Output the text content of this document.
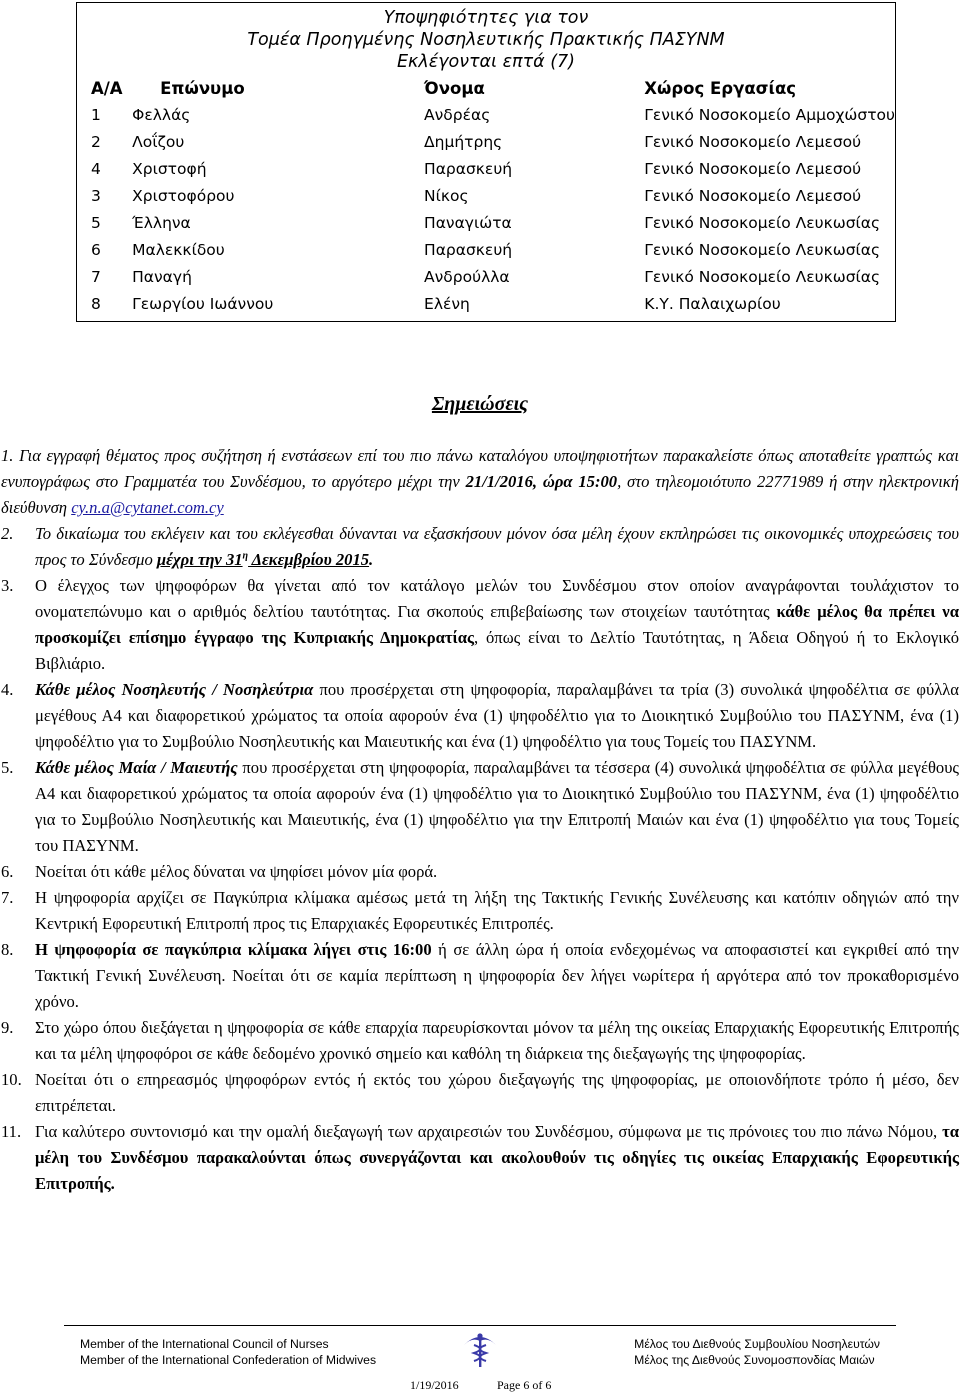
Υποψηφιότητες για τον
Τομέα Προηγμένης Νοσηλευτικής Πρακτικής ΠΑΣΥΝΜ
Εκλέγονται επτά (7)
Α/Α	Επώνυμο	Όνομα	Χώρος Εργασίας
1	Φελλάς	Ανδρέας	Γενικό Νοσοκομείο Αμμοχώστου
2	Λοΐζου	Δημήτρης	Γενικό Νοσοκομείο Λεμεσού
4	Χριστοφή	Παρασκευή	Γενικό Νοσοκομείο Λεμεσού
3	Χριστοφόρου	Νίκος	Γενικό Νοσοκομείο Λεμεσού
5	Έλληνα	Παναγιώτα	Γενικό Νοσοκομείο Λευκωσίας
6	Μαλεκκίδου	Παρασκευή	Γενικό Νοσοκομείο Λευκωσίας
7	Παναγή	Ανδρούλλα	Γενικό Νοσοκομείο Λευκωσίας
8	Γεωργίου Ιωάννου	Ελένη	Κ.Υ. Παλαιχωρίου
Σημειώσεις
1. Για εγγραφή θέματος προς συζήτηση ή ενστάσεων επί του πιο πάνω καταλόγου υποψηφιοτήτων παρακαλείστε όπως αποταθείτε γραπτώς και ενυπογράφως στο Γραμματέα του Συνδέσμου, το αργότερο μέχρι την 21/1/2016, ώρα 15:00, στο τηλεομοιότυπο 22771989 ή στην ηλεκτρονική διεύθυνση cy.n.a@cytanet.com.cy
2. Το δικαίωμα του εκλέγειν και του εκλέγεσθαι δύνανται να εξασκήσουν μόνον όσα μέλη έχουν εκπληρώσει τις οικονομικές υποχρεώσεις του προς το Σύνδεσμο μέχρι την $31^\eta$ Δεκεμβρίου 2015.
3. Ο έλεγχος των ψηφοφόρων θα γίνεται από τον κατάλογο μελών του Συνδέσμου στον οποίον αναγράφονται τουλάχιστον το ονοματεπώνυμο και ο αριθμός δελτίου ταυτότητας. Για σκοπούς επιβεβαίωσης των στοιχείων ταυτότητας κάθε μέλος θα πρέπει να προσκομίζει επίσημο έγγραφο της Κυπριακής Δημοκρατίας, όπως είναι το Δελτίο Ταυτότητας, η Άδεια Οδηγού ή το Εκλογικό Βιβλιάριο.
4. Κάθε μέλος Νοσηλευτής / Νοσηλεύτρια που προσέρχεται στη ψηφοφορία, παραλαμβάνει τα τρία (3) συνολικά ψηφοδέλτια σε φύλλα μεγέθους Α4 και διαφορετικού χρώματος τα οποία αφορούν ένα (1) ψηφοδέλτιο για το Διοικητικό Συμβούλιο του ΠΑΣΥΝΜ, ένα (1) ψηφοδέλτιο για το Συμβούλιο Νοσηλευτικής και Μαιευτικής και ένα (1) ψηφοδέλτιο για τους Τομείς του ΠΑΣΥΝΜ.
5. Κάθε μέλος Μαία / Μαιευτής που προσέρχεται στη ψηφοφορία, παραλαμβάνει τα τέσσερα (4) συνολικά ψηφοδέλτια σε φύλλα μεγέθους Α4 και διαφορετικού χρώματος τα οποία αφορούν ένα (1) ψηφοδέλτιο για το Διοικητικό Συμβούλιο του ΠΑΣΥΝΜ, ένα (1) ψηφοδέλτιο για το Συμβούλιο Νοσηλευτικής και Μαιευτικής, ένα (1) ψηφοδέλτιο για την Επιτροπή Μαιών και ένα (1) ψηφοδέλτιο για τους Τομείς του ΠΑΣΥΝΜ.
6. Νοείται ότι κάθε μέλος δύναται να ψηφίσει μόνον μία φορά.
7. Η ψηφοφορία αρχίζει σε Παγκύπρια κλίμακα αμέσως μετά τη λήξη της Τακτικής Γενικής Συνέλευσης και κατόπιν οδηγιών από την Κεντρική Εφορευτική Επιτροπή προς τις Επαρχιακές Εφορευτικές Επιτροπές.
8. Η ψηφοφορία σε παγκύπρια κλίμακα λήγει στις 16:00 ή σε άλλη ώρα ή οποία ενδεχομένως να αποφασιστεί και εγκριθεί από την Τακτική Γενική Συνέλευση. Νοείται ότι σε καμία περίπτωση η ψηφοφορία δεν λήγει νωρίτερα ή αργότερα από τον προκαθορισμένο χρόνο.
9. Στο χώρο όπου διεξάγεται η ψηφοφορία σε κάθε επαρχία παρευρίσκονται μόνον τα μέλη της οικείας Επαρχιακής Εφορευτικής Επιτροπής και τα μέλη ψηφοφόροι σε κάθε δεδομένο χρονικό σημείο και καθόλη τη διάρκεια της διεξαγωγής της ψηφοφορίας.
10. Νοείται ότι ο επηρεασμός ψηφοφόρων εντός ή εκτός του χώρου διεξαγωγής της ψηφοφορίας, με οποιονδήποτε τρόπο ή μέσο, δεν επιτρέπεται.
11. Για καλύτερο συντονισμό και την ομαλή διεξαγωγή των αρχαιρεσιών του Συνδέσμου, σύμφωνα με τις πρόνοιες του πιο πάνω Νόμου, τα μέλη του Συνδέσμου παρακαλούνται όπως συνεργάζονται και ακολουθούν τις οδηγίες τις οικείας Επαρχιακής Εφορευτικής Επιτροπής.
Member of the International Council of Nurses
Member of the International Confederation of Midwives
Μέλος του Διεθνούς Συμβουλίου Νοσηλευτών
Μέλος της Διεθνούς Συνομοσπονδίας Μαιών
1/19/2016	Page 6 of 6
